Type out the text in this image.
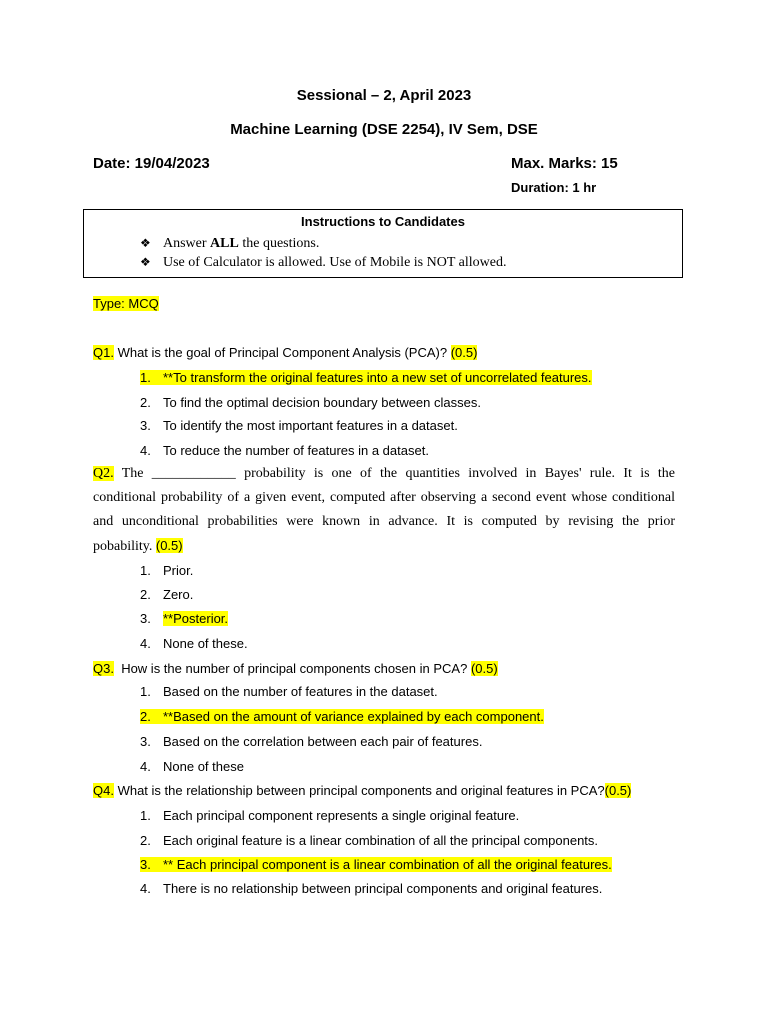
Sessional – 2, April 2023
Machine Learning (DSE 2254), IV Sem, DSE
Date: 19/04/2023	Max. Marks: 15
Duration: 1 hr
Instructions to Candidates
❖ Answer ALL the questions.
❖ Use of Calculator is allowed. Use of Mobile is NOT allowed.
Type: MCQ
Q1. What is the goal of Principal Component Analysis (PCA)? (0.5)
1. **To transform the original features into a new set of uncorrelated features.
2. To find the optimal decision boundary between classes.
3. To identify the most important features in a dataset.
4. To reduce the number of features in a dataset.
Q2. The ____________ probability is one of the quantities involved in Bayes' rule. It is the
conditional probability of a given event, computed after observing a second event whose conditional
and unconditional probabilities were known in advance. It is computed by revising the prior
pobability. (0.5)
1. Prior.
2. Zero.
3. **Posterior.
4. None of these.
Q3.  How is the number of principal components chosen in PCA? (0.5)
1. Based on the number of features in the dataset.
2. **Based on the amount of variance explained by each component.
3. Based on the correlation between each pair of features.
4. None of these
Q4. What is the relationship between principal components and original features in PCA?(0.5)
1. Each principal component represents a single original feature.
2. Each original feature is a linear combination of all the principal components.
3. ** Each principal component is a linear combination of all the original features.
4. There is no relationship between principal components and original features.
